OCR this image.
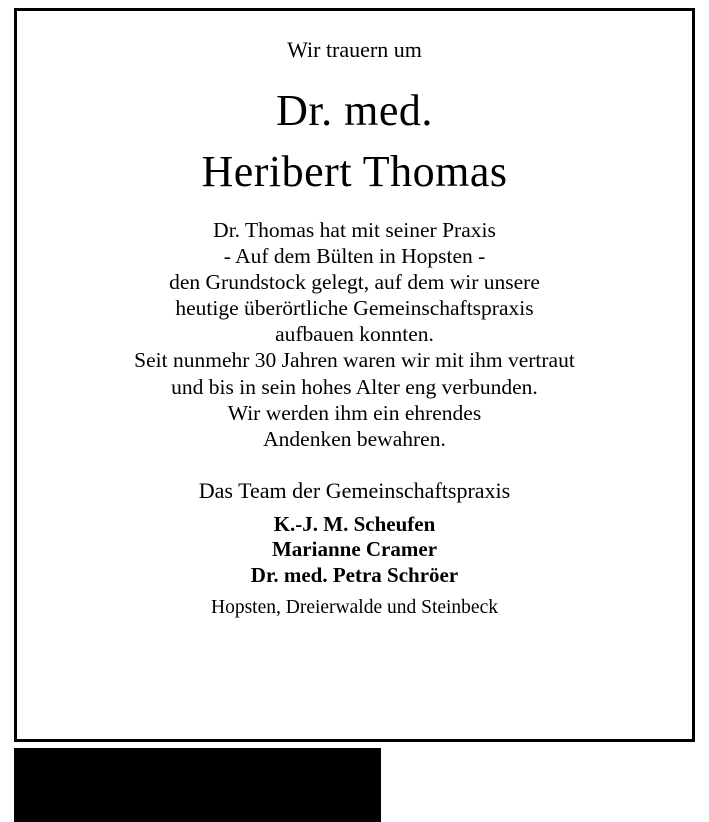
Wir trauern um
Dr. med.
Heribert Thomas
Dr. Thomas hat mit seiner Praxis
- Auf dem Bülten in Hopsten -
den Grundstock gelegt, auf dem wir unsere
heutige überörtliche Gemeinschaftspraxis
aufbauen konnten.
Seit nunmehr 30 Jahren waren wir mit ihm vertraut
und bis in sein hohes Alter eng verbunden.
Wir werden ihm ein ehrendes
Andenken bewahren.
Das Team der Gemeinschaftspraxis
K.-J. M. Scheufen
Marianne Cramer
Dr. med. Petra Schröer
Hopsten, Dreierwalde und Steinbeck
